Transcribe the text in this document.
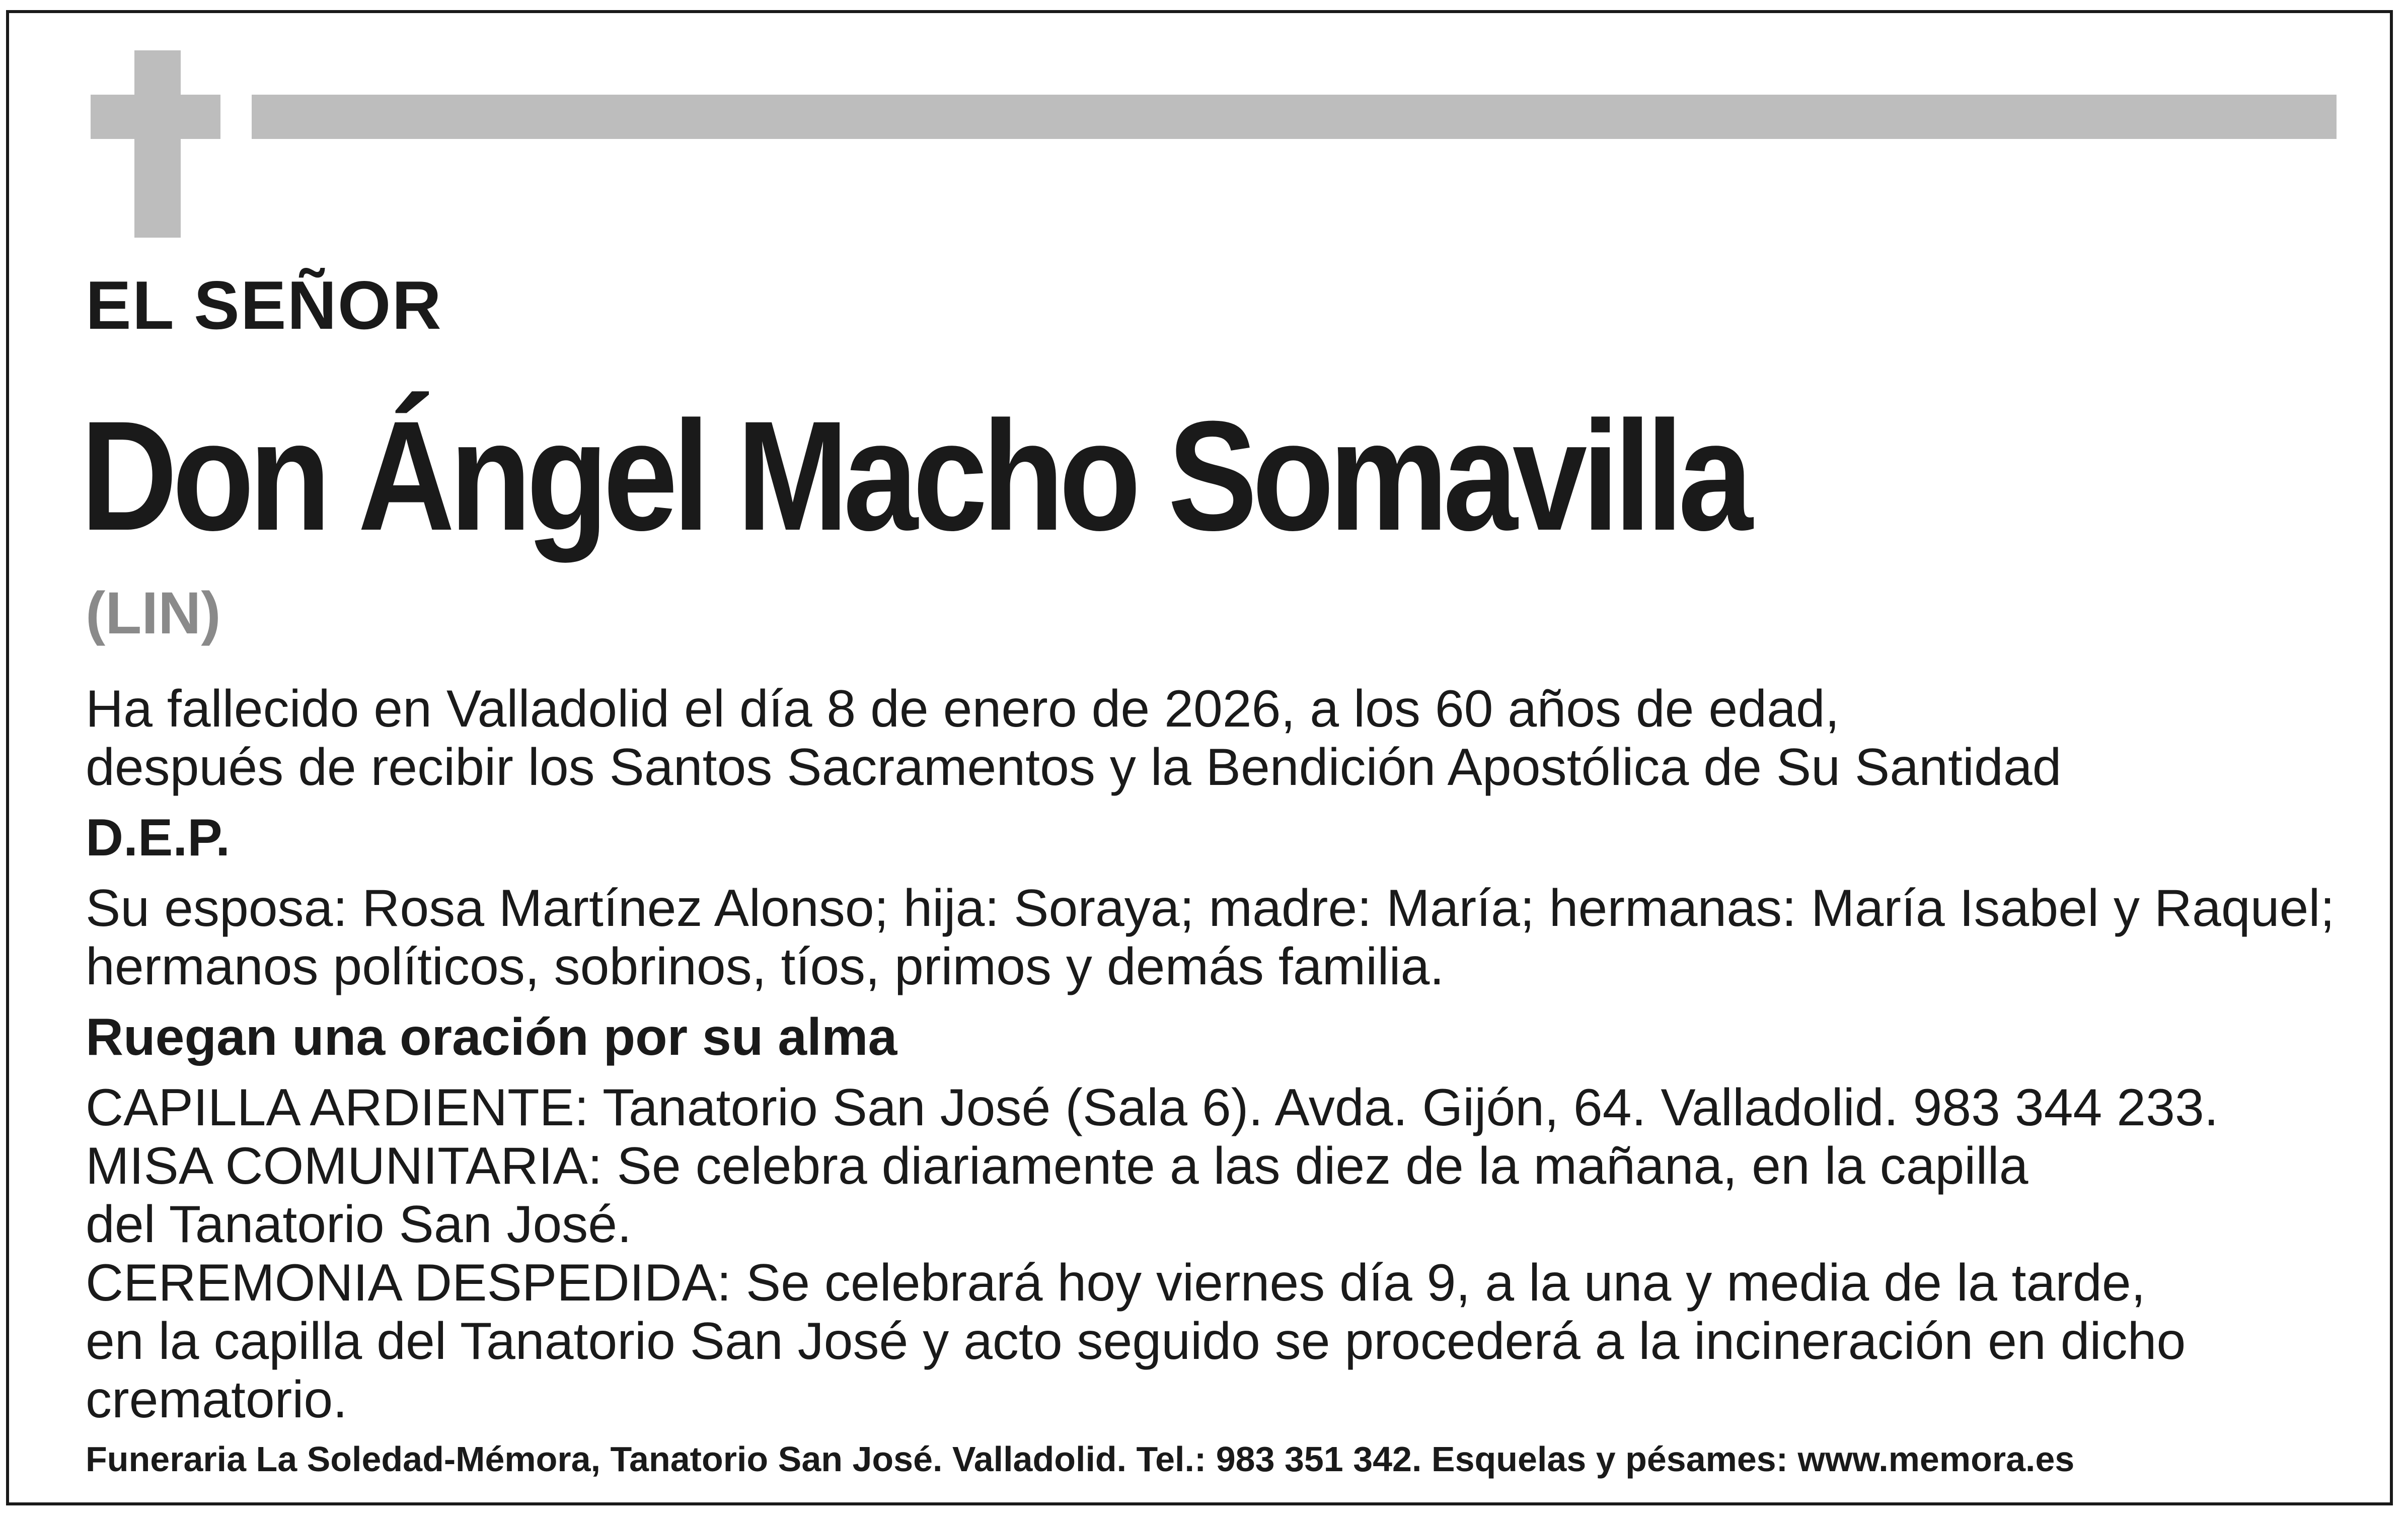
EL SEÑOR
Don Ángel Macho Somavilla
(LIN)

Ha fallecido en Valladolid el día 8 de enero de 2026, a los 60 años de edad,
después de recibir los Santos Sacramentos y la Bendición Apostólica de Su Santidad

D.E.P.

Su esposa: Rosa Martínez Alonso; hija: Soraya; madre: María; hermanas: María Isabel y Raquel;
hermanos políticos, sobrinos, tíos, primos y demás familia.

Ruegan una oración por su alma

CAPILLA ARDIENTE: Tanatorio San José (Sala 6). Avda. Gijón, 64. Valladolid. 983 344 233.
MISA COMUNITARIA: Se celebra diariamente a las diez de la mañana, en la capilla
del Tanatorio San José.
CEREMONIA DESPEDIDA: Se celebrará hoy viernes día 9, a la una y media de la tarde,
en la capilla del Tanatorio San José y acto seguido se procederá a la incineración en dicho
crematorio.

Funeraria La Soledad-Mémora, Tanatorio San José. Valladolid. Tel.: 983 351 342. Esquelas y pésames: www.memora.es
